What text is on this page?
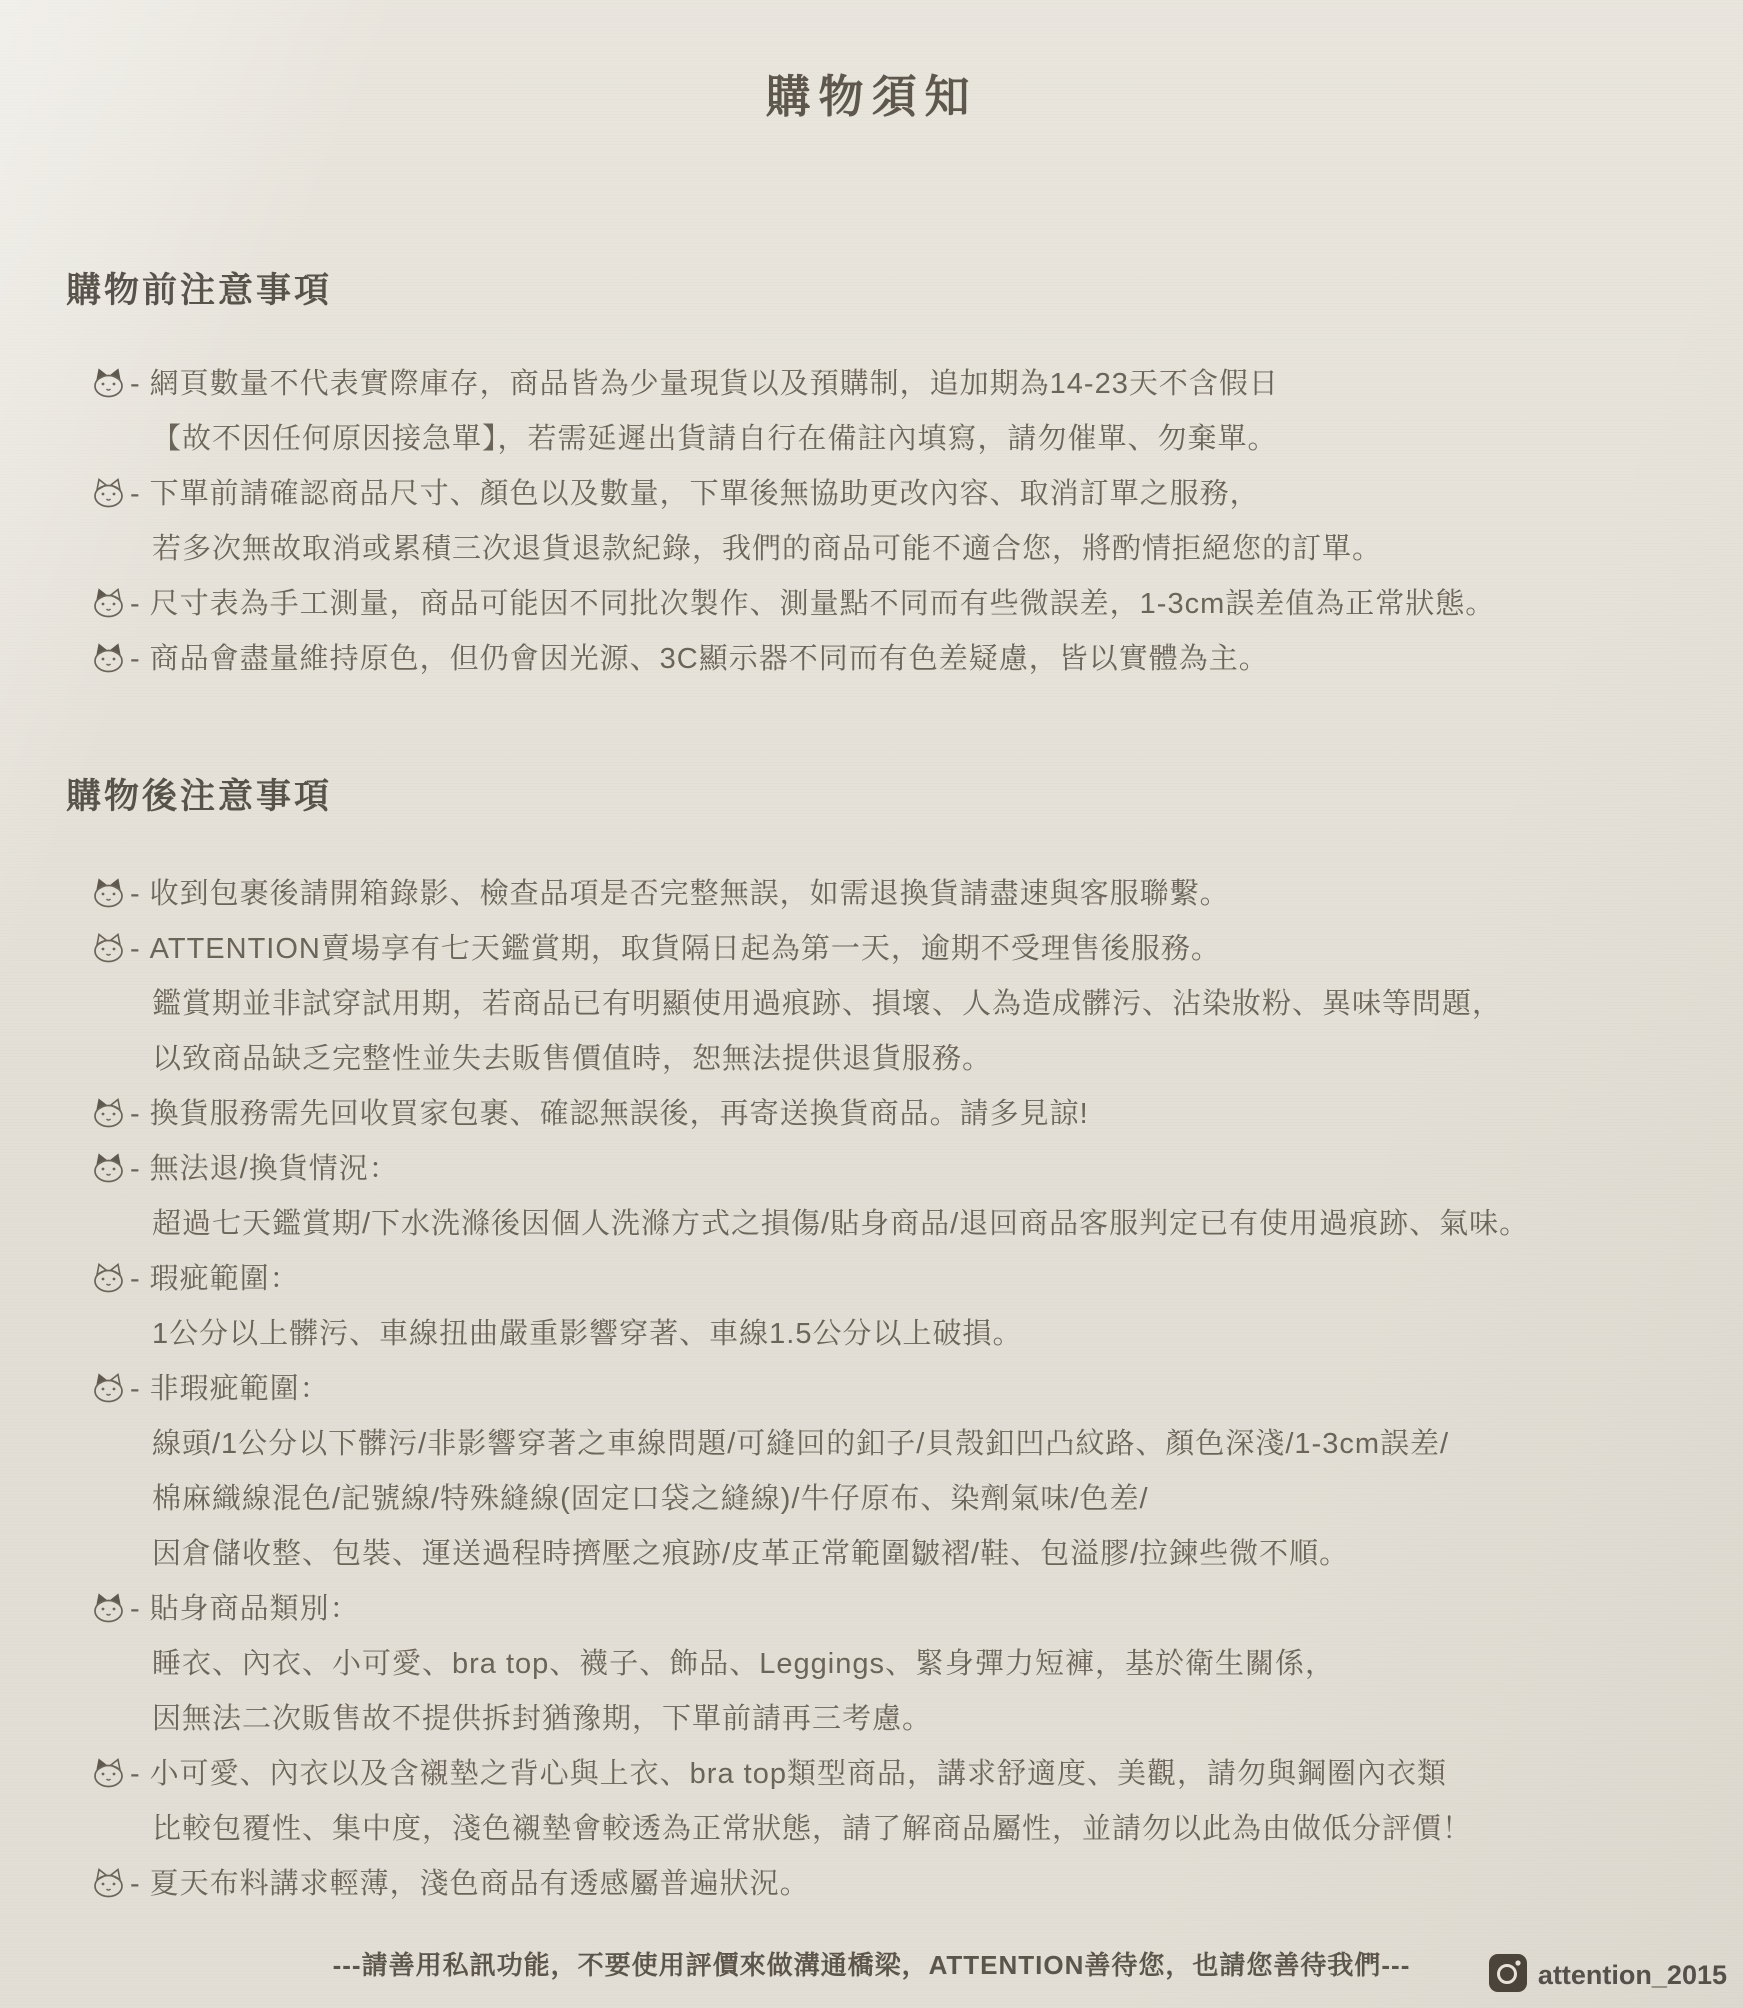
購物須知
購物前注意事項
- 網頁數量不代表實際庫存，商品皆為少量現貨以及預購制，追加期為14-23天不含假日
【故不因任何原因接急單】，若需延遲出貨請自行在備註內填寫，請勿催單、勿棄單。
- 下單前請確認商品尺寸、顏色以及數量，下單後無協助更改內容、取消訂單之服務，
若多次無故取消或累積三次退貨退款紀錄，我們的商品可能不適合您，將酌情拒絕您的訂單。
- 尺寸表為手工測量，商品可能因不同批次製作、測量點不同而有些微誤差，1-3cm誤差值為正常狀態。
- 商品會盡量維持原色，但仍會因光源、3C顯示器不同而有色差疑慮，皆以實體為主。
購物後注意事項
- 收到包裹後請開箱錄影、檢查品項是否完整無誤，如需退換貨請盡速與客服聯繫。
- ATTENTION賣場享有七天鑑賞期，取貨隔日起為第一天，逾期不受理售後服務。
鑑賞期並非試穿試用期，若商品已有明顯使用過痕跡、損壞、人為造成髒污、沾染妝粉、異味等問題，
以致商品缺乏完整性並失去販售價值時，恕無法提供退貨服務。
- 換貨服務需先回收買家包裹、確認無誤後，再寄送換貨商品。請多見諒!
- 無法退/換貨情況：
超過七天鑑賞期/下水洗滌後因個人洗滌方式之損傷/貼身商品/退回商品客服判定已有使用過痕跡、氣味。
- 瑕疵範圍：
1公分以上髒污、車線扭曲嚴重影響穿著、車線1.5公分以上破損。
- 非瑕疵範圍：
線頭/1公分以下髒污/非影響穿著之車線問題/可縫回的釦子/貝殼釦凹凸紋路、顏色深淺/1-3cm誤差/
棉麻織線混色/記號線/特殊縫線(固定口袋之縫線)/牛仔原布、染劑氣味/色差/
因倉儲收整、包裝、運送過程時擠壓之痕跡/皮革正常範圍皺褶/鞋、包溢膠/拉鍊些微不順。
- 貼身商品類別：
睡衣、內衣、小可愛、bra top、襪子、飾品、Leggings、緊身彈力短褲，基於衛生關係，
因無法二次販售故不提供拆封猶豫期，下單前請再三考慮。
- 小可愛、內衣以及含襯墊之背心與上衣、bra top類型商品，講求舒適度、美觀，請勿與鋼圈內衣類
比較包覆性、集中度，淺色襯墊會較透為正常狀態，請了解商品屬性，並請勿以此為由做低分評價！
- 夏天布料講求輕薄，淺色商品有透感屬普遍狀況。
---請善用私訊功能，不要使用評價來做溝通橋梁，ATTENTION善待您，也請您善待我們---	attention_2015
